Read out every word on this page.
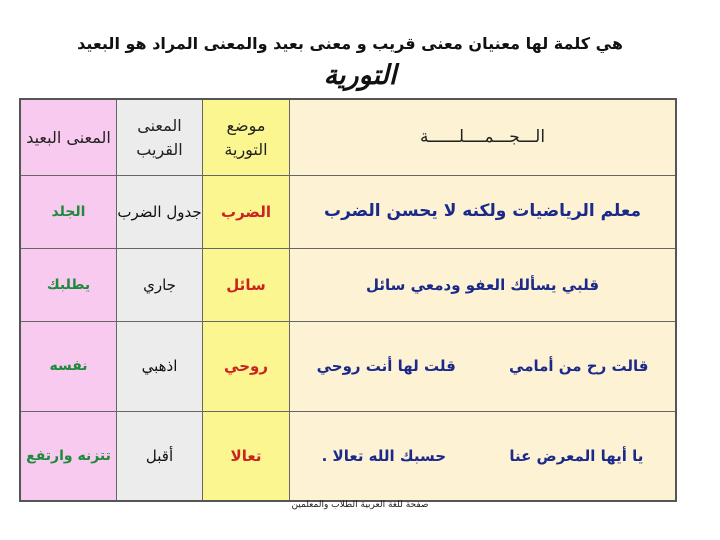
هي كلمة لها معنيان معنى قريب و معنى بعيد والمعنى المراد هو البعيد
التورية
الـــجـــمــــلــــــة
موضع التورية
المعنى القريب
المعنى البعيد
معلم الرياضيات ولكنه لا يحسن الضرب
الضرب
جدول الضرب
الجلد
قلبي يسألك العفو ودمعي سائل
سائل
جاري
يطلبك
قالت رح من أمامي
قلت لها أنت روحي
روحي
اذهبي
نفسه
يا أيها المعرض عنا
حسبك الله تعالا .
تعالا
أقبل
تتزنه وارتفع
صفحة للغة العربية الطلاب والمعلمين
